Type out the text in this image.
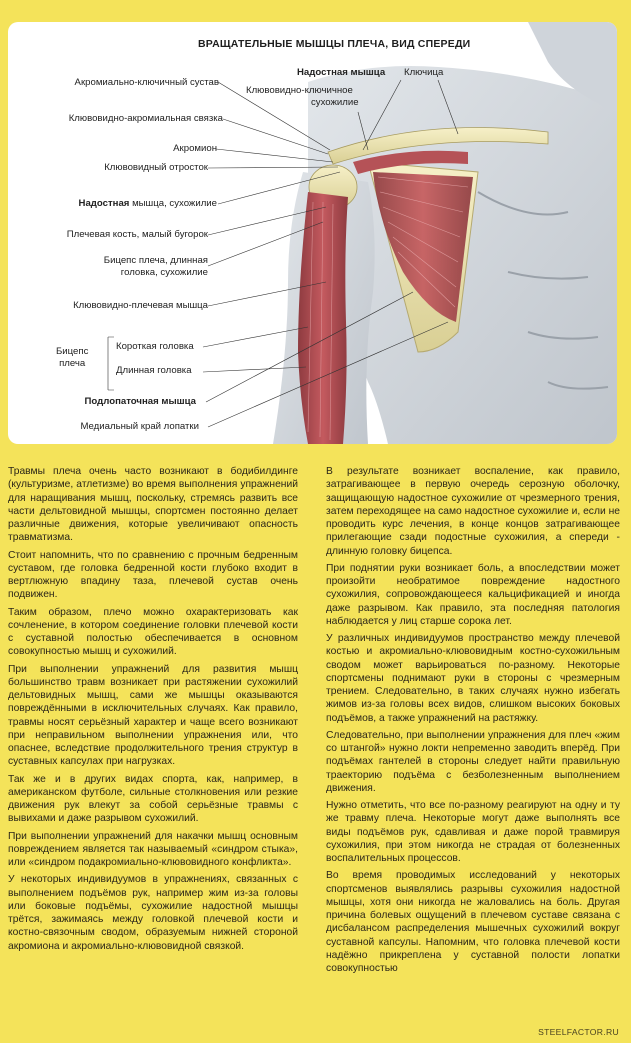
ВРАЩАТЕЛЬНЫЕ МЫШЦЫ ПЛЕЧА, ВИД СПЕРЕДИ
Акромиально-ключичный сустав
Клювовидно-акромиальная связка
Акромион
Клювовидный отросток
Надостная мышца, сухожилие
Плечевая кость, малый бугорок
Бицепс плеча, длинная
головка, сухожилие
Клювовидно-плечевая мышца
Бицепс
плеча
Короткая головка
Длинная головка
Подлопаточная мышца
Медиальный край лопатки
Надостная мышца Ключица
Клювовидно-ключичное
сухожилие

Травмы плеча очень часто возникают в бодибилдинге (культуризме, атлетизме) во время выполнения упражнений для наращивания мышц, поскольку, стремясь развить все части дельтовидной мышцы, спортсмен постоянно делает различные движения, которые увеличивают опасность травматизма.

Стоит напомнить, что по сравнению с прочным бедренным суставом, где головка бедренной кости глубоко входит в вертлюжную впадину таза, плечевой сустав очень подвижен.

Таким образом, плечо можно охарактеризовать как сочленение, в котором соединение головки плечевой кости с суставной полостью обеспечивается в основном совокупностью мышц и сухожилий.

При выполнении упражнений для развития мышц большинство травм возникает при растяжении сухожилий дельтовидных мышц, сами же мышцы оказываются повреждёнными в исключительных случаях. Как правило, травмы носят серьёзный характер и чаще всего возникают при неправильном выполнении упражнения или, что опаснее, вследствие продолжительного трения структур в суставных капсулах при нагрузках.

Так же и в других видах спорта, как, например, в американском футболе, сильные столкновения или резкие движения рук влекут за собой серьёзные травмы с вывихами и даже разрывом сухожилий.

При выполнении упражнений для накачки мышц основным повреждением является так называемый «синдром стыка», или «синдром подакромиально-клювовидного конфликта».

У некоторых индивидуумов в упражнениях, связанных с выполнением подъёмов рук, например жим из-за головы или боковые подъёмы, сухожилие надостной мышцы трётся, зажимаясь между головкой плечевой кости и костно-связочным сводом, образуемым нижней стороной акромиона и акромиально-клювовидной связкой.

В результате возникает воспаление, как правило, затрагивающее в первую очередь серозную оболочку, защищающую надостное сухожилие от чрезмерного трения, затем переходящее на само надостное сухожилие и, если не проводить курс лечения, в конце концов затрагивающее прилегающие сзади подостные сухожилия, а спереди - длинную головку бицепса.

При поднятии руки возникает боль, а впоследствии может произойти необратимое повреждение надостного сухожилия, сопровождающееся кальцификацией и иногда даже разрывом. Как правило, эта последняя патология наблюдается у лиц старше сорока лет.

У различных индивидуумов пространство между плечевой костью и акромиально-клювовидным костно-сухожильным сводом может варьироваться по-разному. Некоторые спортсмены поднимают руки в стороны с чрезмерным трением. Следовательно, в таких случаях нужно избегать жимов из-за головы всех видов, слишком высоких боковых подъёмов, а также упражнений на растяжку.

Следовательно, при выполнении упражнения для плеч «жим со штангой» нужно локти непременно заводить вперёд. При подъёмах гантелей в стороны следует найти правильную траекторию подъёма с безболезненным выполнением движения.

Нужно отметить, что все по-разному реагируют на одну и ту же травму плеча. Некоторые могут даже выполнять все виды подъёмов рук, сдавливая и даже порой травмируя сухожилия, при этом никогда не страдая от болезненных воспалительных процессов.

Во время проводимых исследований у некоторых спортсменов выявлялись разрывы сухожилия надостной мышцы, хотя они никогда не жаловались на боль. Другая причина болевых ощущений в плечевом суставе связана с дисбалансом распределения мышечных сухожилий вокруг суставной капсулы. Напомним, что головка плечевой кости надёжно прикреплена у суставной полости лопатки совокупностью

STEELFACTOR.RU
